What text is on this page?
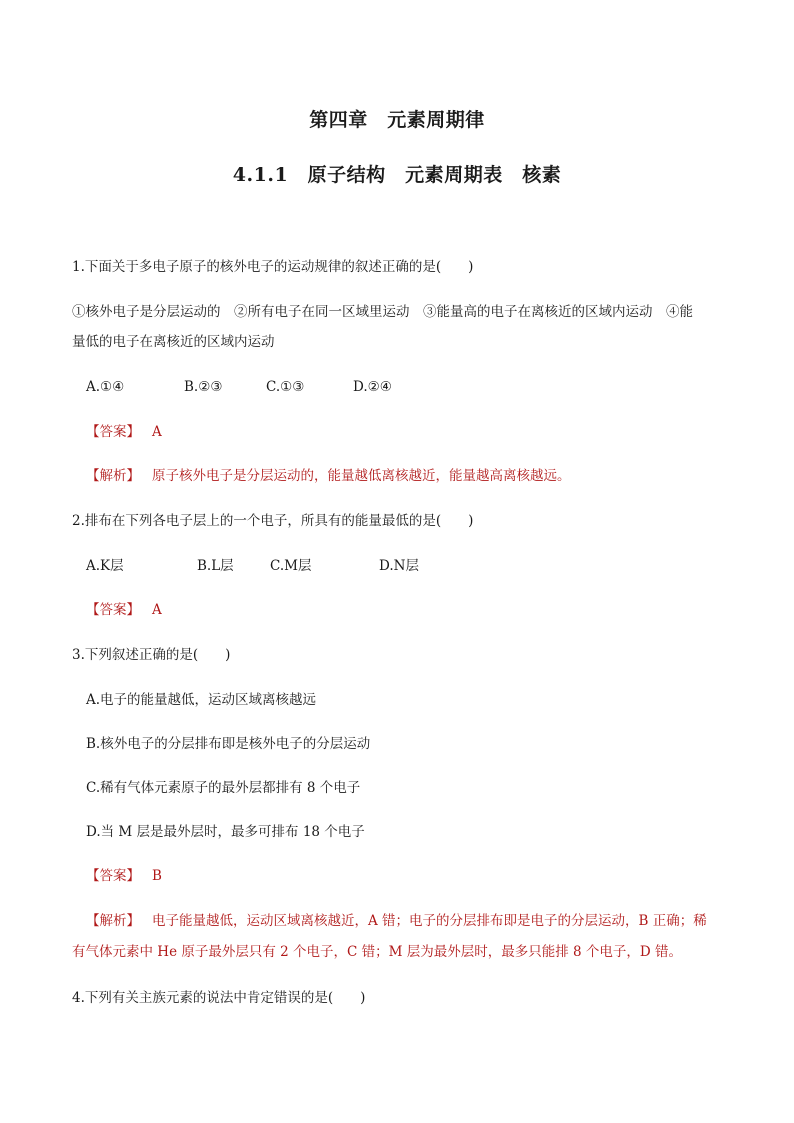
第四章　元素周期律
4.1.1　原子结构　元素周期表　核素
1.下面关于多电子原子的核外电子的运动规律的叙述正确的是(　　)
①核外电子是分层运动的　②所有电子在同一区域里运动　③能量高的电子在离核近的区域内运动　④能
量低的电子在离核近的区域内运动
A.①④	B.②③	C.①③	D.②④
【答案】 A
【解析】 原子核外电子是分层运动的，能量越低离核越近，能量越高离核越远。
2.排布在下列各电子层上的一个电子，所具有的能量最低的是(　　)
A.K层	B.L层	C.M层	D.N层
【答案】 A
3.下列叙述正确的是(　　)
A.电子的能量越低，运动区域离核越远
B.核外电子的分层排布即是核外电子的分层运动
C.稀有气体元素原子的最外层都排有 8 个电子
D.当 M 层是最外层时，最多可排布 18 个电子
【答案】 B
【解析】 电子能量越低，运动区域离核越近，A 错；电子的分层排布即是电子的分层运动，B 正确；稀
有气体元素中 He 原子最外层只有 2 个电子，C 错；M 层为最外层时，最多只能排 8 个电子，D 错。
4.下列有关主族元素的说法中肯定错误的是(　　)
